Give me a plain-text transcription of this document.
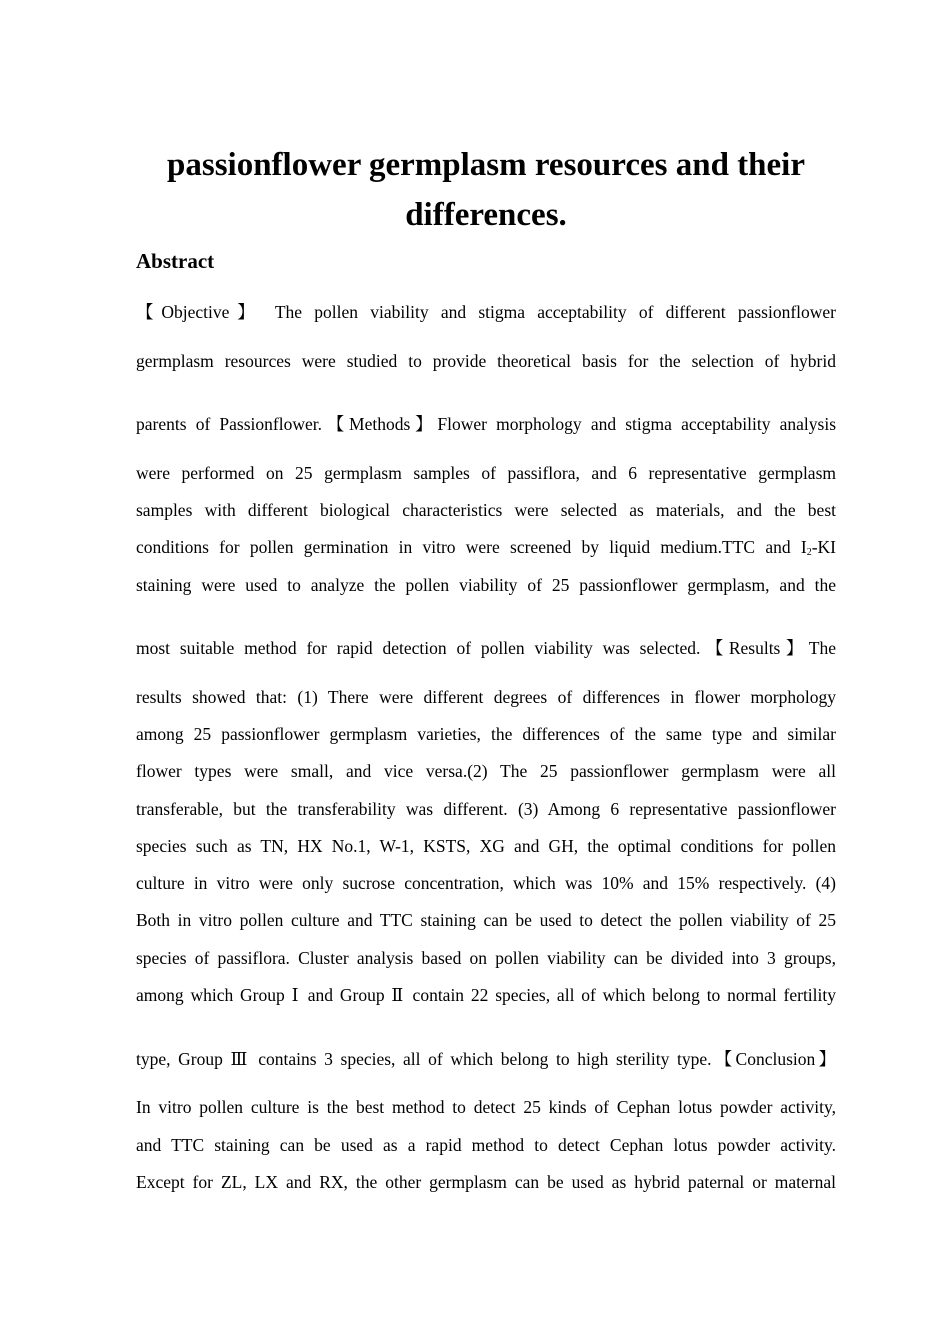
passionflower germplasm resources and their
differences.
Abstract
【Objective】 The pollen viability and stigma acceptability of different passionflower
germplasm resources were studied to provide theoretical basis for the selection of hybrid
parents of Passionflower.【Methods】Flower morphology and stigma acceptability analysis
were performed on 25 germplasm samples of passiflora, and 6 representative germplasm
samples with different biological characteristics were selected as materials, and the best
conditions for pollen germination in vitro were screened by liquid medium.TTC and $I_2-KI$
staining were used to analyze the pollen viability of 25 passionflower germplasm, and the
most suitable method for rapid detection of pollen viability was selected.【Results】The
results showed that: (1) There were different degrees of differences in flower morphology
among 25 passionflower germplasm varieties, the differences of the same type and similar
flower types were small, and vice versa.(2) The 25 passionflower germplasm were all
transferable, but the transferability was different. (3) Among 6 representative passionflower
species such as TN, HX No.1, W-1, KSTS, XG and GH, the optimal conditions for pollen
culture in vitro were only sucrose concentration, which was 10% and 15% respectively. (4)
Both in vitro pollen culture and TTC staining can be used to detect the pollen viability of 25
species of passiflora. Cluster analysis based on pollen viability can be divided into 3 groups,
among which Group Ⅰ and Group Ⅱ contain 22 species, all of which belong to normal fertility
type, Group Ⅲ contains 3 species, all of which belong to high sterility type.【Conclusion】
In vitro pollen culture is the best method to detect 25 kinds of Cephan lotus powder activity,
and TTC staining can be used as a rapid method to detect Cephan lotus powder activity.
Except for ZL, LX and RX, the other germplasm can be used as hybrid paternal or maternal
